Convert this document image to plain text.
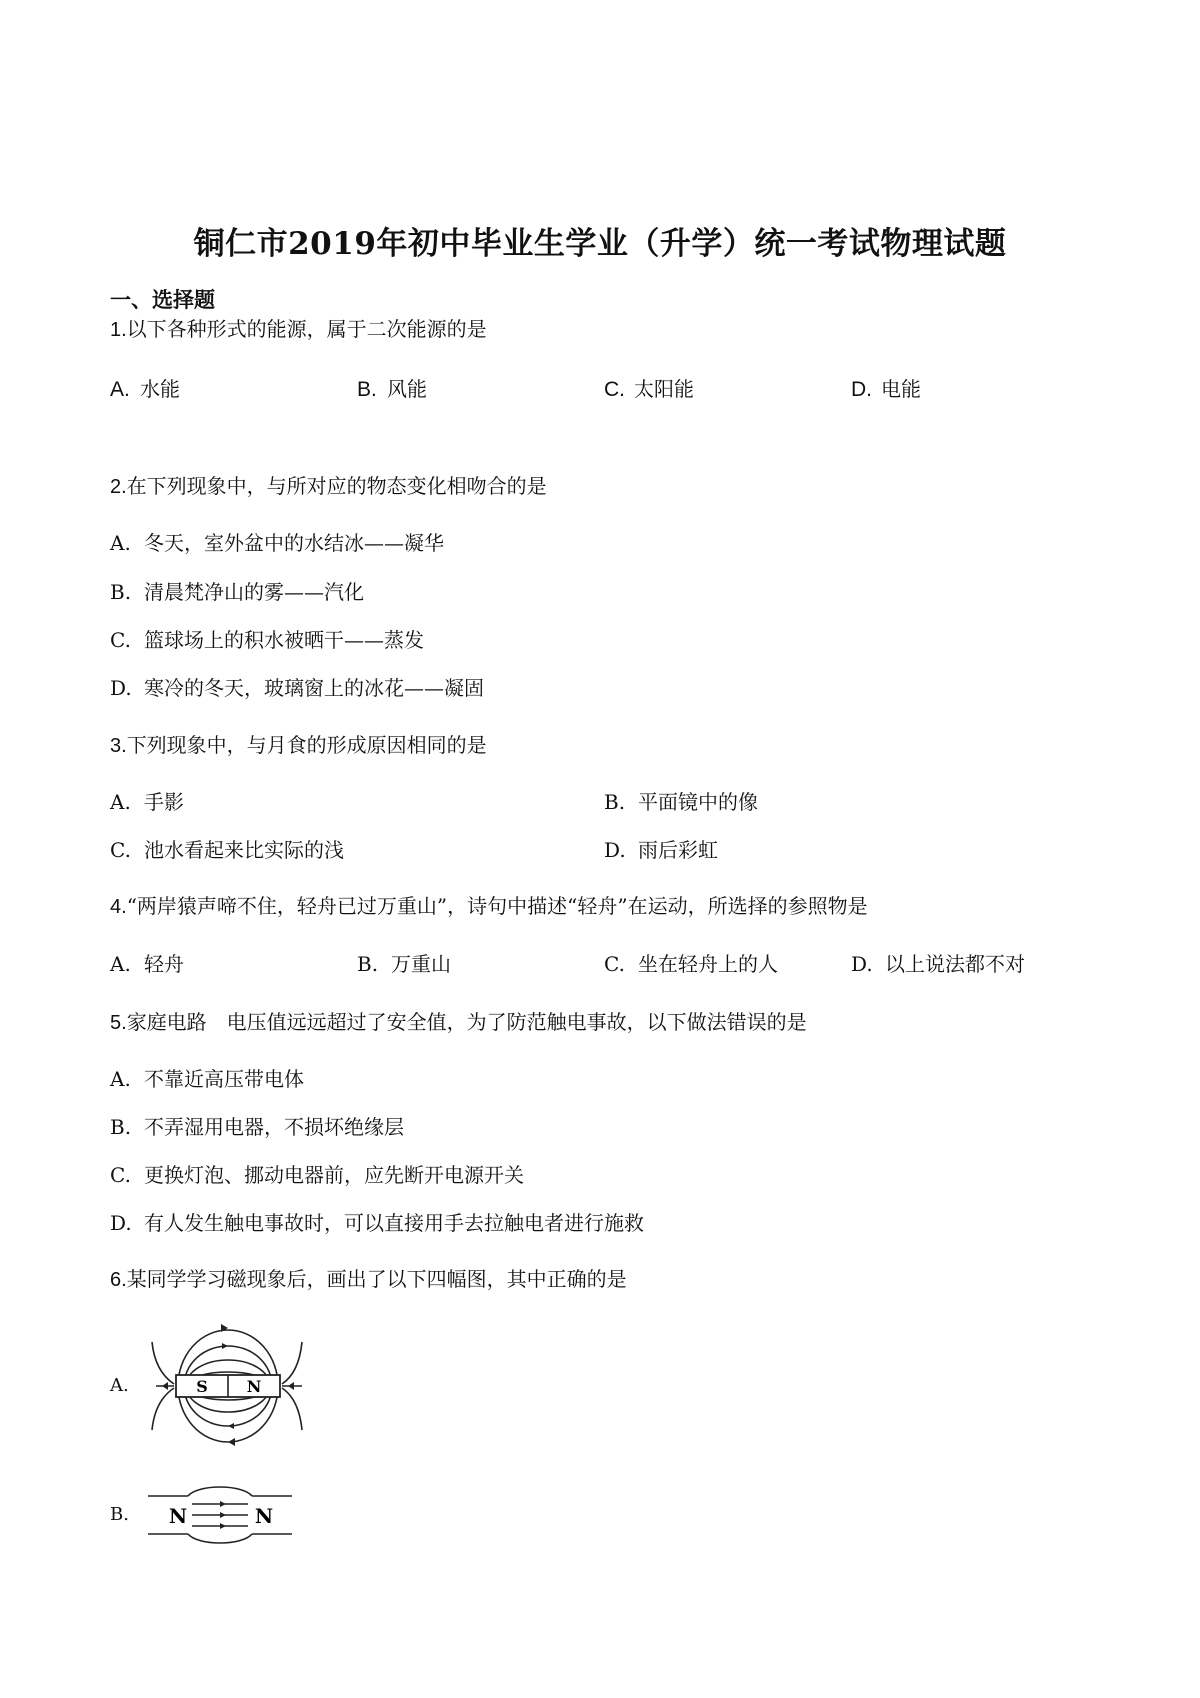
铜仁市2019年初中毕业生学业（升学）统一考试物理试题
一、选择题
1.以下各种形式的能源，属于二次能源的是
A. 水能	B. 风能	C. 太阳能	D. 电能
2.在下列现象中，与所对应的物态变化相吻合的是
A. 冬天，室外盆中的水结冰——凝华
B. 清晨梵净山的雾——汽化
C. 篮球场上的积水被晒干——蒸发
D. 寒冷的冬天，玻璃窗上的冰花——凝固
3.下列现象中，与月食的形成原因相同的是
A. 手影	B. 平面镜中的像
C. 池水看起来比实际的浅	D. 雨后彩虹
4.“两岸猿声啼不住，轻舟已过万重山”，诗句中描述“轻舟”在运动，所选择的参照物是
A. 轻舟	B. 万重山	C. 坐在轻舟上的人	D. 以上说法都不对
5.家庭电路　电压值远远超过了安全值，为了防范触电事故，以下做法错误的是
A. 不靠近高压带电体
B. 不弄湿用电器，不损坏绝缘层
C. 更换灯泡、挪动电器前，应先断开电源开关
D. 有人发生触电事故时，可以直接用手去拉触电者进行施救
6.某同学学习磁现象后，画出了以下四幅图，其中正确的是
A.	S N
B. N	N
